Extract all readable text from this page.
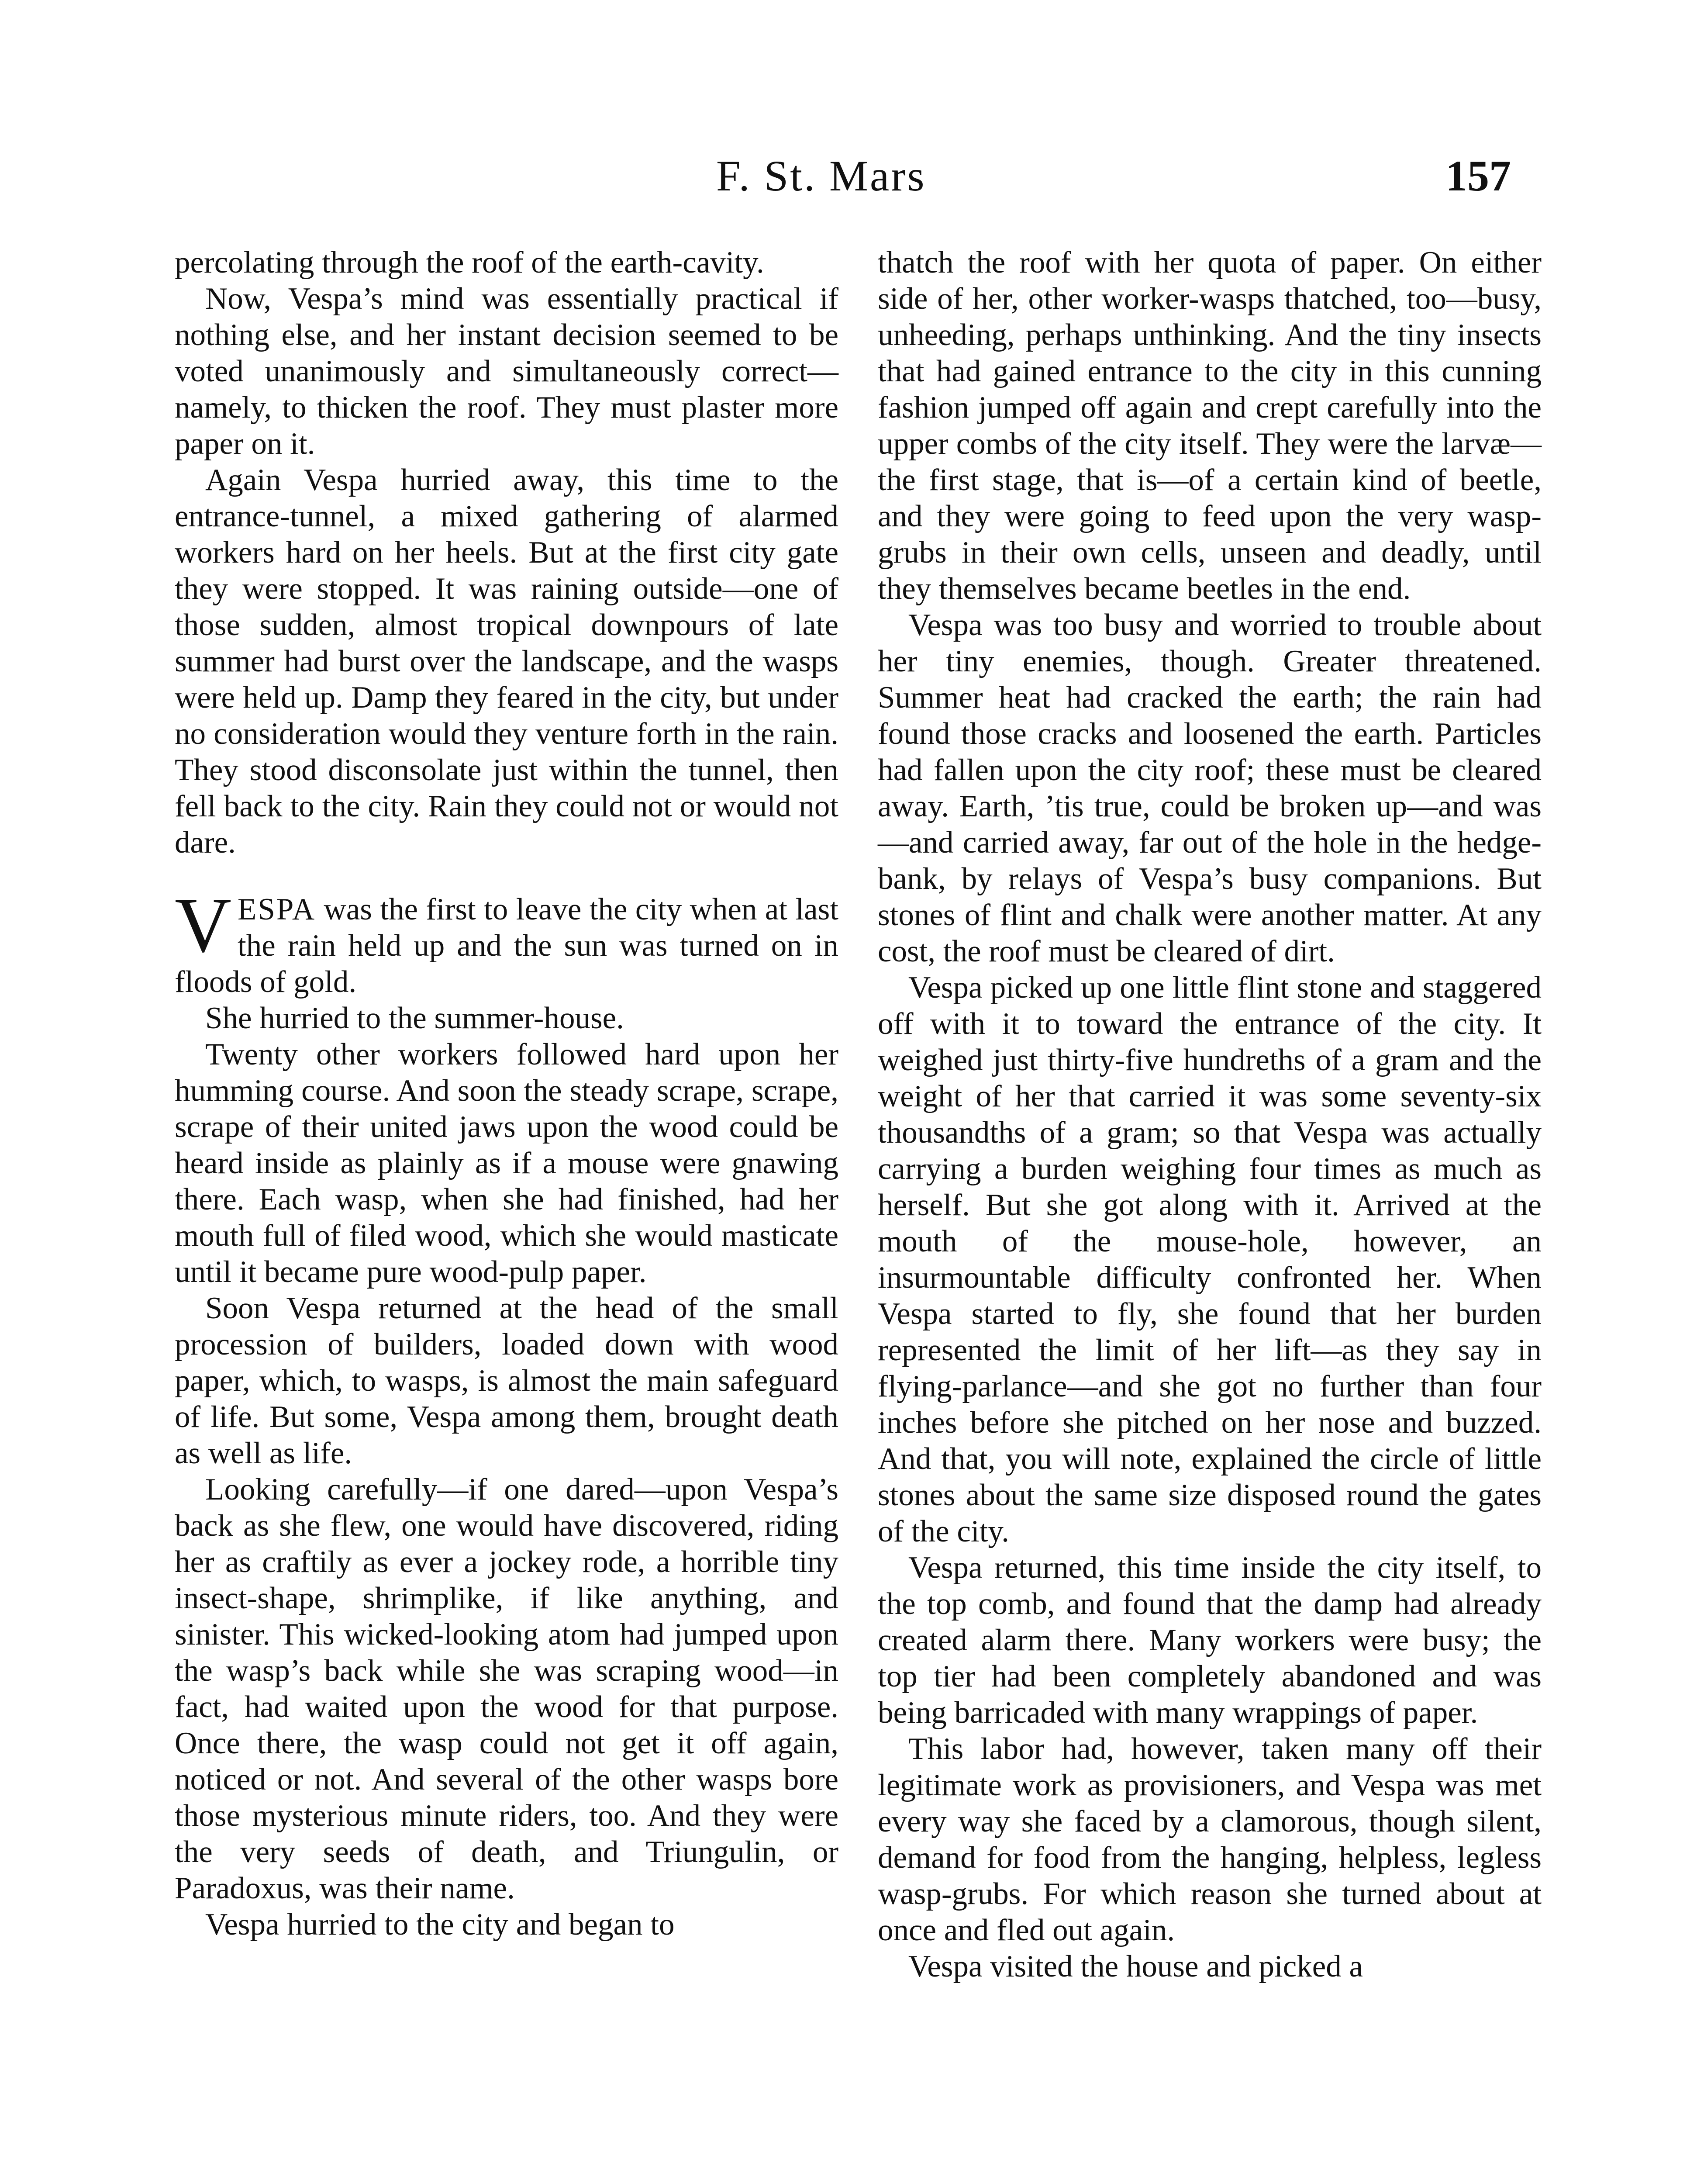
F. St. Mars	157

percolating through the roof of the earth-cavity.

Now, Vespa’s mind was essentially practical if nothing else, and her instant decision seemed to be voted unanimously and simultaneously correct—namely, to thicken the roof. They must plaster more paper on it.

Again Vespa hurried away, this time to the entrance-tunnel, a mixed gathering of alarmed workers hard on her heels. But at the first city gate they were stopped. It was raining outside—one of those sudden, almost tropical downpours of late summer had burst over the landscape, and the wasps were held up. Damp they feared in the city, but under no consideration would they venture forth in the rain. They stood disconsolate just within the tunnel, then fell back to the city. Rain they could not or would not dare.

VESPA was the first to leave the city when at last the rain held up and the sun was turned on in floods of gold.

She hurried to the summer-house.

Twenty other workers followed hard upon her humming course. And soon the steady scrape, scrape, scrape of their united jaws upon the wood could be heard inside as plainly as if a mouse were gnawing there. Each wasp, when she had finished, had her mouth full of filed wood, which she would masticate until it became pure wood-pulp paper.

Soon Vespa returned at the head of the small procession of builders, loaded down with wood paper, which, to wasps, is almost the main safeguard of life. But some, Vespa among them, brought death as well as life.

Looking carefully—if one dared—upon Vespa’s back as she flew, one would have discovered, riding her as craftily as ever a jockey rode, a horrible tiny insect-shape, shrimplike, if like anything, and sinister. This wicked-looking atom had jumped upon the wasp’s back while she was scraping wood—in fact, had waited upon the wood for that purpose. Once there, the wasp could not get it off again, noticed or not. And several of the other wasps bore those mysterious minute riders, too. And they were the very seeds of death, and Triungulin, or Paradoxus, was their name.

Vespa hurried to the city and began to

thatch the roof with her quota of paper. On either side of her, other worker-wasps thatched, too—busy, unheeding, perhaps unthinking. And the tiny insects that had gained entrance to the city in this cunning fashion jumped off again and crept carefully into the upper combs of the city itself. They were the larvæ—the first stage, that is—of a certain kind of beetle, and they were going to feed upon the very wasp-grubs in their own cells, unseen and deadly, until they themselves became beetles in the end.

Vespa was too busy and worried to trouble about her tiny enemies, though. Greater threatened. Summer heat had cracked the earth; the rain had found those cracks and loosened the earth. Particles had fallen upon the city roof; these must be cleared away. Earth, ’tis true, could be broken up—and was—and carried away, far out of the hole in the hedge-bank, by relays of Vespa’s busy companions. But stones of flint and chalk were another matter. At any cost, the roof must be cleared of dirt.

Vespa picked up one little flint stone and staggered off with it to toward the entrance of the city. It weighed just thirty-five hundreths of a gram and the weight of her that carried it was some seventy-six thousandths of a gram; so that Vespa was actually carrying a burden weighing four times as much as herself. But she got along with it. Arrived at the mouth of the mouse-hole, however, an insurmountable difficulty confronted her. When Vespa started to fly, she found that her burden represented the limit of her lift—as they say in flying-parlance—and she got no further than four inches before she pitched on her nose and buzzed. And that, you will note, explained the circle of little stones about the same size disposed round the gates of the city.

Vespa returned, this time inside the city itself, to the top comb, and found that the damp had already created alarm there. Many workers were busy; the top tier had been completely abandoned and was being barricaded with many wrappings of paper.

This labor had, however, taken many off their legitimate work as provisioners, and Vespa was met every way she faced by a clamorous, though silent, demand for food from the hanging, helpless, legless wasp-grubs. For which reason she turned about at once and fled out again.

Vespa visited the house and picked a
